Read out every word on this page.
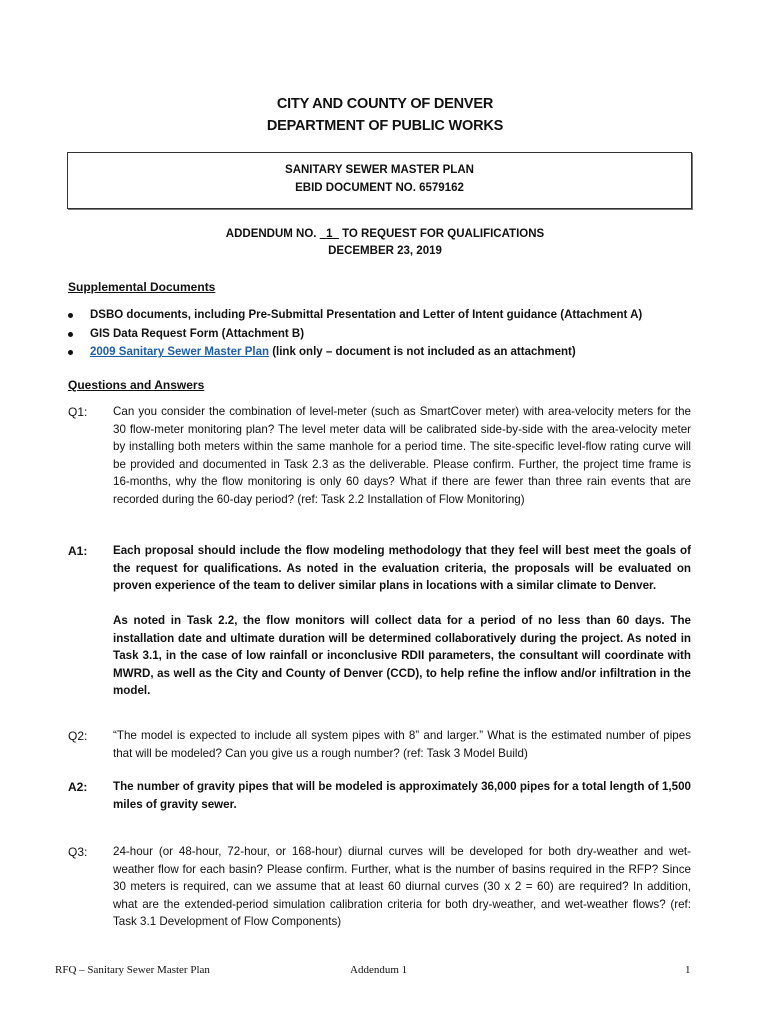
CITY AND COUNTY OF DENVER
DEPARTMENT OF PUBLIC WORKS
SANITARY SEWER MASTER PLAN
EBID DOCUMENT NO. 6579162
ADDENDUM NO.   1   TO REQUEST FOR QUALIFICATIONS
DECEMBER 23, 2019
Supplemental Documents
DSBO documents, including Pre-Submittal Presentation and Letter of Intent guidance (Attachment A)
GIS Data Request Form (Attachment B)
2009 Sanitary Sewer Master Plan (link only – document is not included as an attachment)
Questions and Answers
Q1: Can you consider the combination of level-meter (such as SmartCover meter) with area-velocity meters for the 30 flow-meter monitoring plan? The level meter data will be calibrated side-by-side with the area-velocity meter by installing both meters within the same manhole for a period time. The site-specific level-flow rating curve will be provided and documented in Task 2.3 as the deliverable. Please confirm. Further, the project time frame is 16-months, why the flow monitoring is only 60 days? What if there are fewer than three rain events that are recorded during the 60-day period? (ref: Task 2.2 Installation of Flow Monitoring)

A1: Each proposal should include the flow modeling methodology that they feel will best meet the goals of the request for qualifications. As noted in the evaluation criteria, the proposals will be evaluated on proven experience of the team to deliver similar plans in locations with a similar climate to Denver.

As noted in Task 2.2, the flow monitors will collect data for a period of no less than 60 days. The installation date and ultimate duration will be determined collaboratively during the project. As noted in Task 3.1, in the case of low rainfall or inconclusive RDII parameters, the consultant will coordinate with MWRD, as well as the City and County of Denver (CCD), to help refine the inflow and/or infiltration in the model.

Q2: “The model is expected to include all system pipes with 8” and larger.” What is the estimated number of pipes that will be modeled? Can you give us a rough number? (ref: Task 3 Model Build)

A2: The number of gravity pipes that will be modeled is approximately 36,000 pipes for a total length of 1,500 miles of gravity sewer.

Q3: 24-hour (or 48-hour, 72-hour, or 168-hour) diurnal curves will be developed for both dry-weather and wet-weather flow for each basin? Please confirm. Further, what is the number of basins required in the RFP? Since 30 meters is required, can we assume that at least 60 diurnal curves (30 x 2 = 60) are required? In addition, what are the extended-period simulation calibration criteria for both dry-weather, and wet-weather flows? (ref: Task 3.1 Development of Flow Components)

RFQ – Sanitary Sewer Master Plan	Addendum 1	1
